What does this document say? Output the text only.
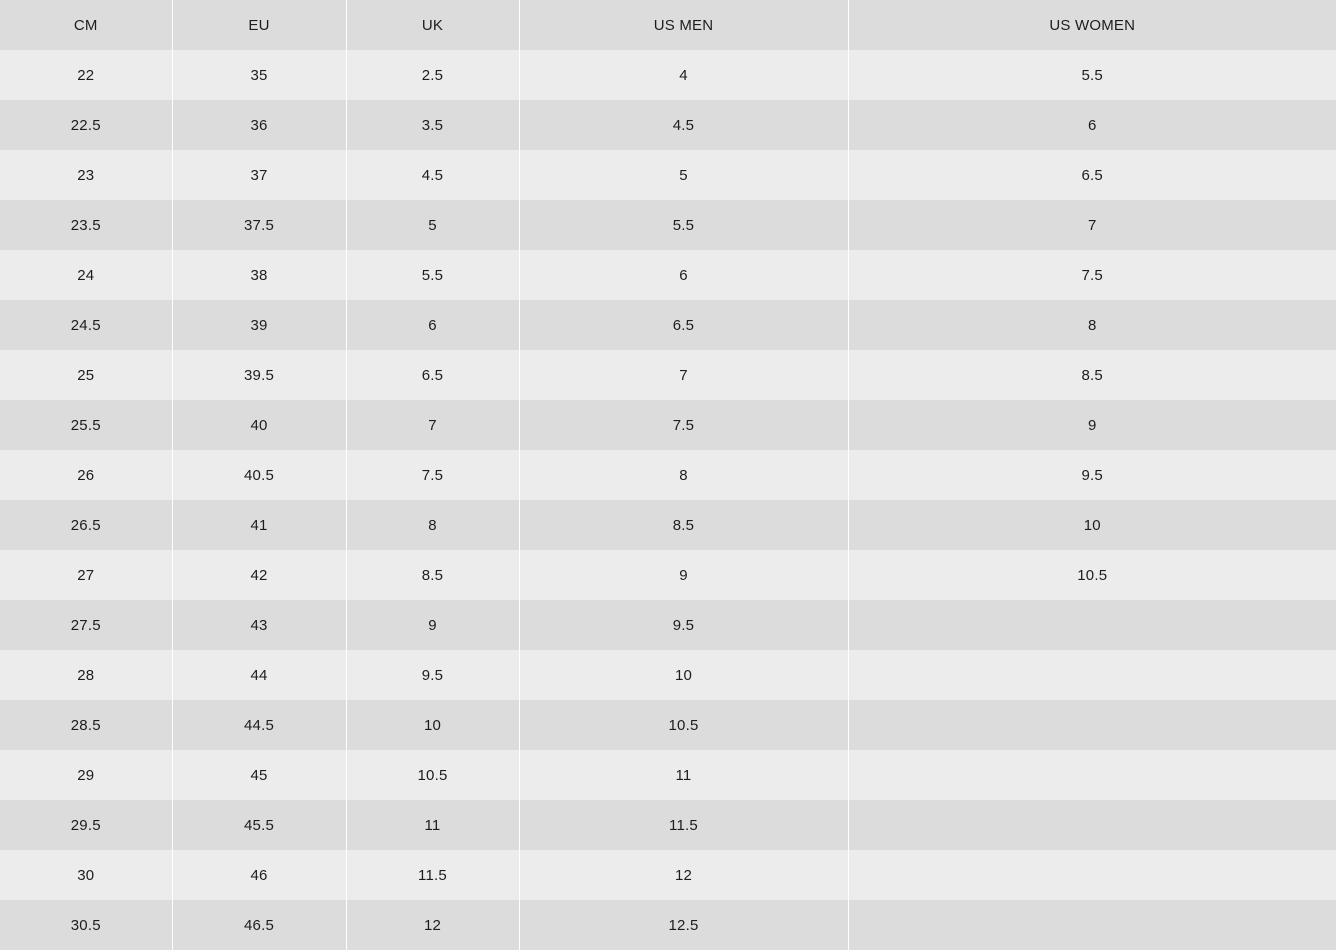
CM	EU	UK	US MEN	US WOMEN
22	35	2.5	4	5.5
22.5	36	3.5	4.5	6
23	37	4.5	5	6.5
23.5	37.5	5	5.5	7
24	38	5.5	6	7.5
24.5	39	6	6.5	8
25	39.5	6.5	7	8.5
25.5	40	7	7.5	9
26	40.5	7.5	8	9.5
26.5	41	8	8.5	10
27	42	8.5	9	10.5
27.5	43	9	9.5	
28	44	9.5	10	
28.5	44.5	10	10.5	
29	45	10.5	11	
29.5	45.5	11	11.5	
30	46	11.5	12	
30.5	46.5	12	12.5	
